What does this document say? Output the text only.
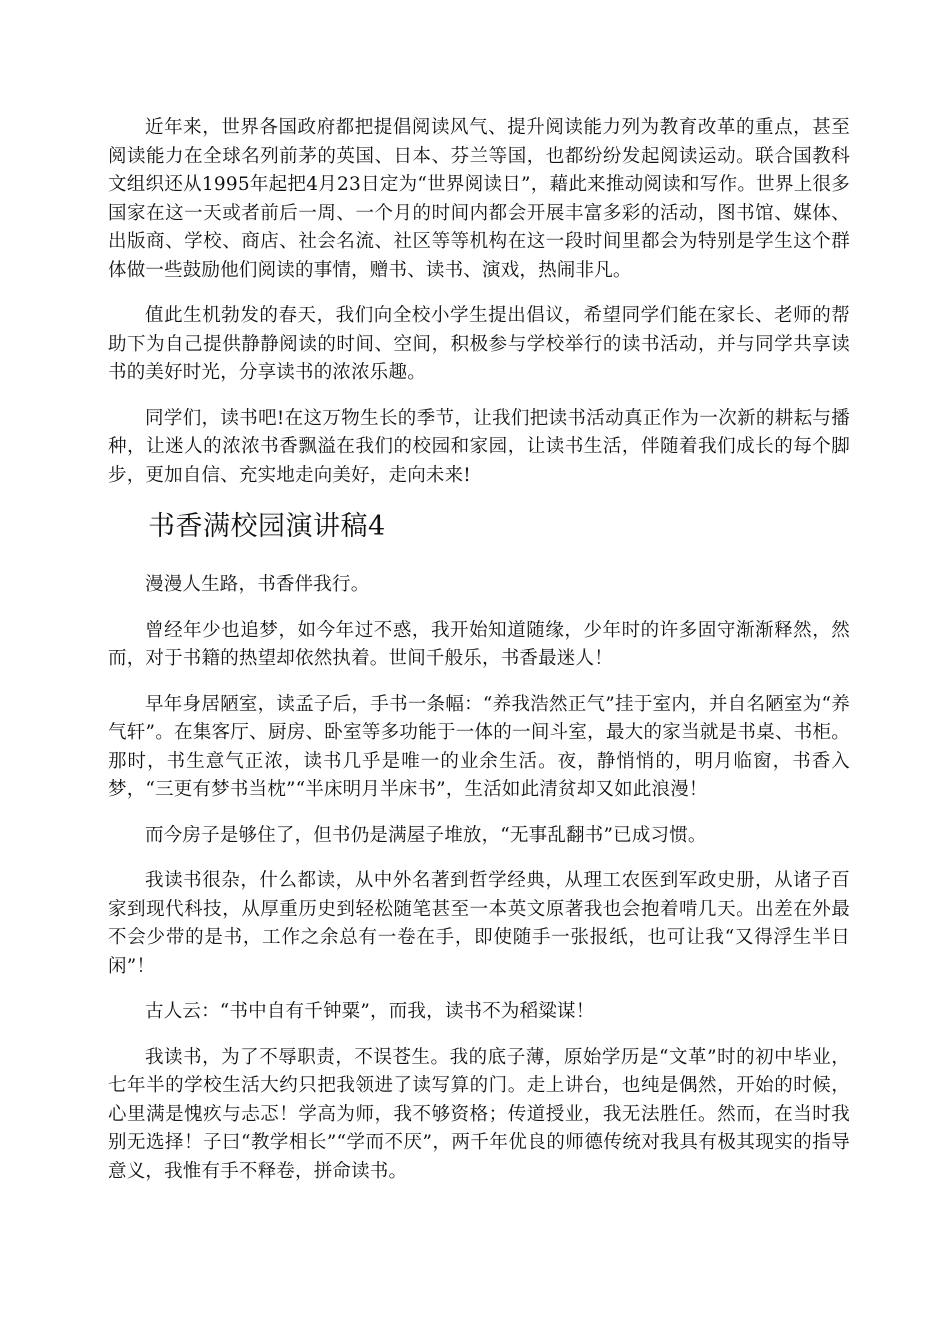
近年来，世界各国政府都把提倡阅读风气、提升阅读能力列为教育改革的重点，甚至阅读能力在全球名列前茅的英国、日本、芬兰等国，也都纷纷发起阅读运动。联合国教科文组织还从1995年起把4月23日定为“世界阅读日”，藉此来推动阅读和写作。世界上很多国家在这一天或者前后一周、一个月的时间内都会开展丰富多彩的活动，图书馆、媒体、出版商、学校、商店、社会名流、社区等等机构在这一段时间里都会为特别是学生这个群体做一些鼓励他们阅读的事情，赠书、读书、演戏，热闹非凡。

值此生机勃发的春天，我们向全校小学生提出倡议，希望同学们能在家长、老师的帮助下为自己提供静静阅读的时间、空间，积极参与学校举行的读书活动，并与同学共享读书的美好时光，分享读书的浓浓乐趣。

同学们，读书吧!在这万物生长的季节，让我们把读书活动真正作为一次新的耕耘与播种，让迷人的浓浓书香飘溢在我们的校园和家园，让读书生活，伴随着我们成长的每个脚步，更加自信、充实地走向美好，走向未来!

书香满校园演讲稿4

漫漫人生路，书香伴我行。

曾经年少也追梦，如今年过不惑，我开始知道随缘，少年时的许多固守渐渐释然，然而，对于书籍的热望却依然执着。世间千般乐，书香最迷人！

早年身居陋室，读孟子后，手书一条幅：“养我浩然正气”挂于室内，并自名陋室为“养气轩”。在集客厅、厨房、卧室等多功能于一体的一间斗室，最大的家当就是书桌、书柜。那时，书生意气正浓，读书几乎是唯一的业余生活。夜，静悄悄的，明月临窗，书香入梦，“三更有梦书当枕”“半床明月半床书”，生活如此清贫却又如此浪漫！

而今房子是够住了，但书仍是满屋子堆放，“无事乱翻书”已成习惯。

我读书很杂，什么都读，从中外名著到哲学经典，从理工农医到军政史册，从诸子百家到现代科技，从厚重历史到轻松随笔甚至一本英文原著我也会抱着啃几天。出差在外最不会少带的是书，工作之余总有一卷在手，即使随手一张报纸，也可让我“又得浮生半日闲”！

古人云：“书中自有千钟粟”，而我，读书不为稻粱谋！

我读书，为了不辱职责，不误苍生。我的底子薄，原始学历是“文革”时的初中毕业，七年半的学校生活大约只把我领进了读写算的门。走上讲台，也纯是偶然，开始的时候，心里满是愧疚与忐忑！学高为师，我不够资格；传道授业，我无法胜任。然而，在当时我别无选择！子曰“教学相长”“学而不厌”，两千年优良的师德传统对我具有极其现实的指导意义，我惟有手不释卷，拼命读书。
